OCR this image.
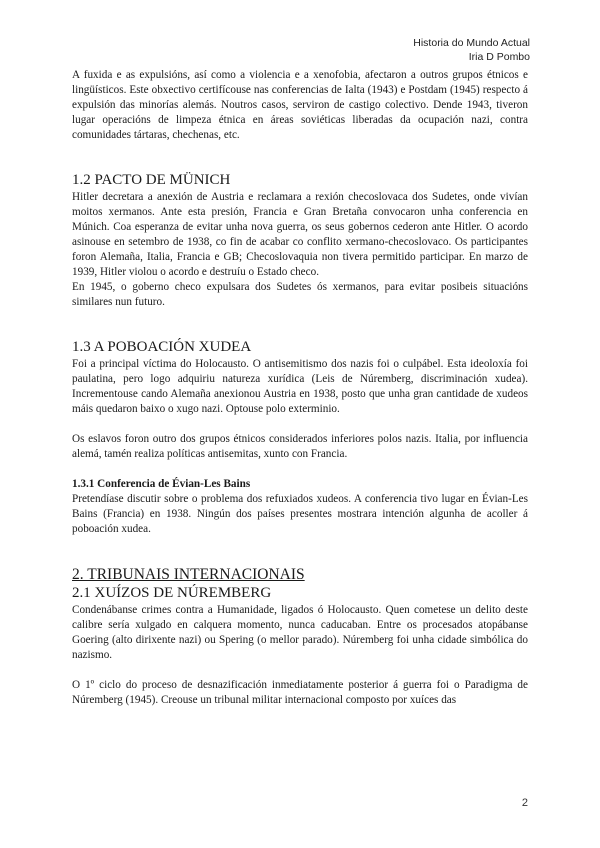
Historia do Mundo Actual
Iria D Pombo

A fuxida e as expulsións, así como a violencia e a xenofobia, afectaron a outros grupos étnicos e lingüísticos. Este obxectivo certifícouse nas conferencias de Ialta (1943) e Postdam (1945) respecto á expulsión das minorías alemás. Noutros casos, serviron de castigo colectivo. Dende 1943, tiveron lugar operacións de limpeza étnica en áreas soviéticas liberadas da ocupación nazi, contra comunidades tártaras, chechenas, etc.

1.2 PACTO DE MÜNICH

Hitler decretara a anexión de Austria e reclamara a rexión checoslovaca dos Sudetes, onde vivían moitos xermanos. Ante esta presión, Francia e Gran Bretaña convocaron unha conferencia en Múnich. Coa esperanza de evitar unha nova guerra, os seus gobernos cederon ante Hitler. O acordo asinouse en setembro de 1938, co fin de acabar co conflito xermano-checoslovaco. Os participantes foron Alemaña, Italia, Francia e GB; Checoslovaquia non tivera permitido participar. En marzo de 1939, Hitler violou o acordo e destruíu o Estado checo.

En 1945, o goberno checo expulsara dos Sudetes ós xermanos, para evitar posibeis situacións similares nun futuro.

1.3 A POBOACIÓN XUDEA

Foi a principal víctima do Holocausto. O antisemitismo dos nazis foi o culpábel. Esta ideoloxía foi paulatina, pero logo adquiriu natureza xurídica (Leis de Núremberg, discriminación xudea). Incrementouse cando Alemaña anexionou Austria en 1938, posto que unha gran cantidade de xudeos máis quedaron baixo o xugo nazi. Optouse polo exterminio.

Os eslavos foron outro dos grupos étnicos considerados inferiores polos nazis. Italia, por influencia alemá, tamén realiza políticas antisemitas, xunto con Francia.

1.3.1 Conferencia de Évian-Les Bains

Pretendíase discutir sobre o problema dos refuxiados xudeos. A conferencia tivo lugar en Évian-Les Bains (Francia) en 1938. Ningún dos países presentes mostrara intención algunha de acoller á poboación xudea.

2. TRIBUNAIS INTERNACIONAIS
2.1 XUÍZOS DE NÚREMBERG

Condenábanse crimes contra a Humanidade, ligados ó Holocausto. Quen cometese un delito deste calibre sería xulgado en calquera momento, nunca caducaban. Entre os procesados atopábanse Goering (alto dirixente nazi) ou Spering (o mellor parado). Núremberg foi unha cidade simbólica do nazismo.

O 1º ciclo do proceso de desnazificación inmediatamente posterior á guerra foi o Paradigma de Núremberg (1945). Creouse un tribunal militar internacional composto por xuíces das

2
